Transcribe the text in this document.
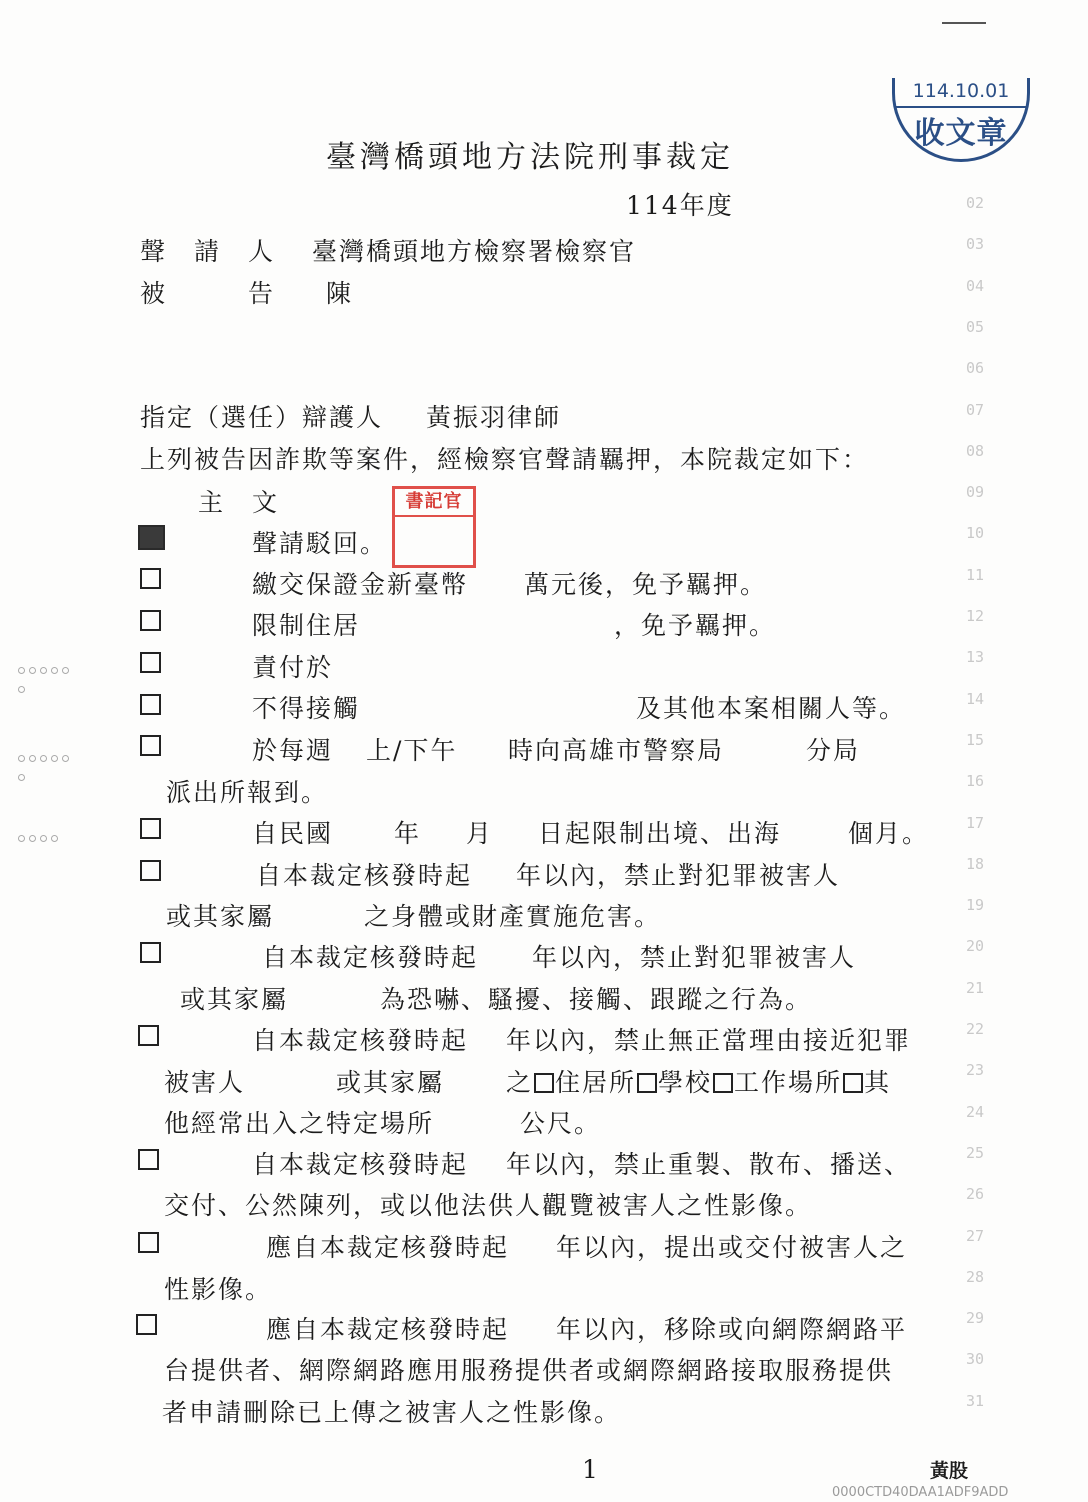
114.10.01
收文章
臺灣橋頭地方法院刑事裁定
114年度
聲　請　人 臺灣橋頭地方檢察署檢察官
被　　　告 陳
指定（選任）辯護人 黃振羽律師
上列被告因詐欺等案件，經檢察官聲請羈押，本院裁定如下：
主　文	書記官
聲請駁回。
繳交保證金新臺幣 萬元後，免予羈押。
限制住居	，免予羈押。
責付於
不得接觸	及其他本案相關人等。
於每週 上/下午 時向高雄市警察局	分局
派出所報到。
自民國 年 月 日起限制出境、出海	個月。
自本裁定核發時起 年以內，禁止對犯罪被害人
或其家屬	之身體或財產實施危害。
自本裁定核發時起 年以內，禁止對犯罪被害人
或其家屬	為恐嚇、騷擾、接觸、跟蹤之行為。
自本裁定核發時起 年以內，禁止無正當理由接近犯罪
被害人	或其家屬 之 住居所 學校 工作場所 其
他經常出入之特定場所	公尺。
自本裁定核發時起 年以內，禁止重製、散布、播送、
交付、公然陳列，或以他法供人觀覽被害人之性影像。
應自本裁定核發時起 年以內，提出或交付被害人之
性影像。
應自本裁定核發時起 年以內，移除或向網際網路平
台提供者、網際網路應用服務提供者或網際網路接取服務提供
者申請刪除已上傳之被害人之性影像。
02
03
04
05
06
07
08
09
10
11
12
13
14
15
16
17
18
19
20
21
22
23
24
25
26
27
28
29
30
31
1	黃股
0000CTD40DAA1ADF9ADD
